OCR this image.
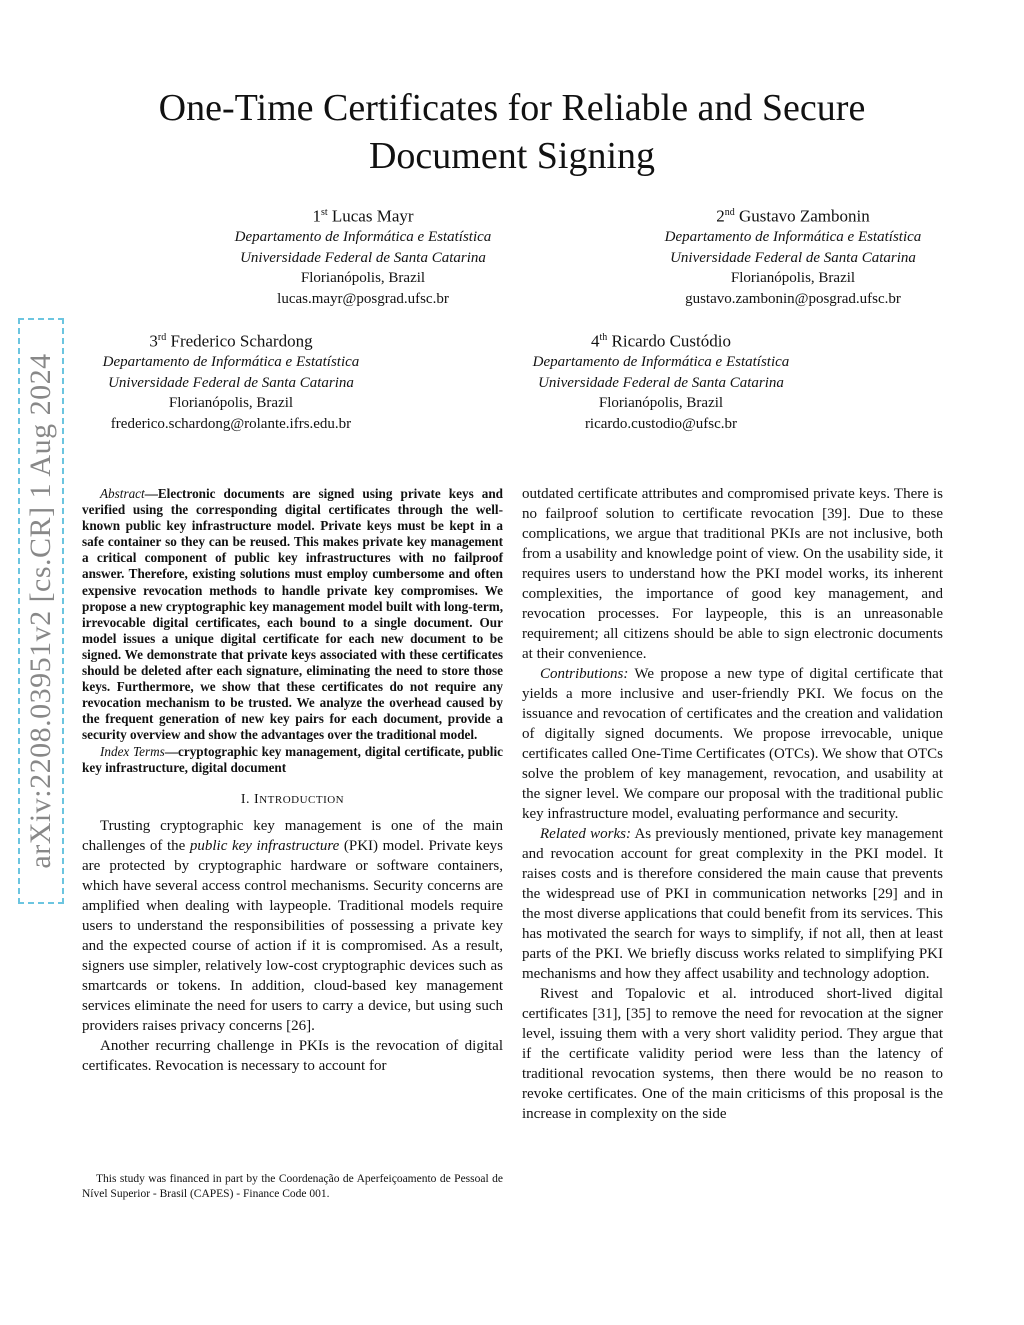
arXiv:2208.03951v2 [cs.CR] 1 Aug 2024
One-Time Certificates for Reliable and Secure Document Signing
1st Lucas Mayr
Departamento de Informática e Estatística
Universidade Federal de Santa Catarina
Florianópolis, Brazil
lucas.mayr@posgrad.ufsc.br
2nd Gustavo Zambonin
Departamento de Informática e Estatística
Universidade Federal de Santa Catarina
Florianópolis, Brazil
gustavo.zambonin@posgrad.ufsc.br
3rd Frederico Schardong
Departamento de Informática e Estatística
Universidade Federal de Santa Catarina
Florianópolis, Brazil
frederico.schardong@rolante.ifrs.edu.br
4th Ricardo Custódio
Departamento de Informática e Estatística
Universidade Federal de Santa Catarina
Florianópolis, Brazil
ricardo.custodio@ufsc.br

Abstract—Electronic documents are signed using private keys and verified using the corresponding digital certificates through the well-known public key infrastructure model. Private keys must be kept in a safe container so they can be reused. This makes private key management a critical component of public key infrastructures with no failproof answer. Therefore, existing solutions must employ cumbersome and often expensive revocation methods to handle private key compromises. We propose a new cryptographic key management model built with long-term, irrevocable digital certificates, each bound to a single document. Our model issues a unique digital certificate for each new document to be signed. We demonstrate that private keys associated with these certificates should be deleted after each signature, eliminating the need to store those keys. Furthermore, we show that these certificates do not require any revocation mechanism to be trusted. We analyze the overhead caused by the frequent generation of new key pairs for each document, provide a security overview and show the advantages over the traditional model.

Index Terms—cryptographic key management, digital certificate, public key infrastructure, digital document

I. INTRODUCTION

Trusting cryptographic key management is one of the main challenges of the public key infrastructure (PKI) model. Private keys are protected by cryptographic hardware or software containers, which have several access control mechanisms. Security concerns are amplified when dealing with laypeople. Traditional models require users to understand the responsibilities of possessing a private key and the expected course of action if it is compromised. As a result, signers use simpler, relatively low-cost cryptographic devices such as smartcards or tokens. In addition, cloud-based key management services eliminate the need for users to carry a device, but using such providers raises privacy concerns [26].

Another recurring challenge in PKIs is the revocation of digital certificates. Revocation is necessary to account for

This study was financed in part by the Coordenação de Aperfeiçoamento de Pessoal de Nível Superior - Brasil (CAPES) - Finance Code 001.

outdated certificate attributes and compromised private keys. There is no failproof solution to certificate revocation [39]. Due to these complications, we argue that traditional PKIs are not inclusive, both from a usability and knowledge point of view. On the usability side, it requires users to understand how the PKI model works, its inherent complexities, the importance of good key management, and revocation processes. For laypeople, this is an unreasonable requirement; all citizens should be able to sign electronic documents at their convenience.

Contributions: We propose a new type of digital certificate that yields a more inclusive and user-friendly PKI. We focus on the issuance and revocation of certificates and the creation and validation of digitally signed documents. We propose irrevocable, unique certificates called One-Time Certificates (OTCs). We show that OTCs solve the problem of key management, revocation, and usability at the signer level. We compare our proposal with the traditional public key infrastructure model, evaluating performance and security.

Related works: As previously mentioned, private key management and revocation account for great complexity in the PKI model. It raises costs and is therefore considered the main cause that prevents the widespread use of PKI in communication networks [29] and in the most diverse applications that could benefit from its services. This has motivated the search for ways to simplify, if not all, then at least parts of the PKI. We briefly discuss works related to simplifying PKI mechanisms and how they affect usability and technology adoption.

Rivest and Topalovic et al. introduced short-lived digital certificates [31], [35] to remove the need for revocation at the signer level, issuing them with a very short validity period. They argue that if the certificate validity period were less than the latency of traditional revocation systems, then there would be no reason to revoke certificates. One of the main criticisms of this proposal is the increase in complexity on the side
